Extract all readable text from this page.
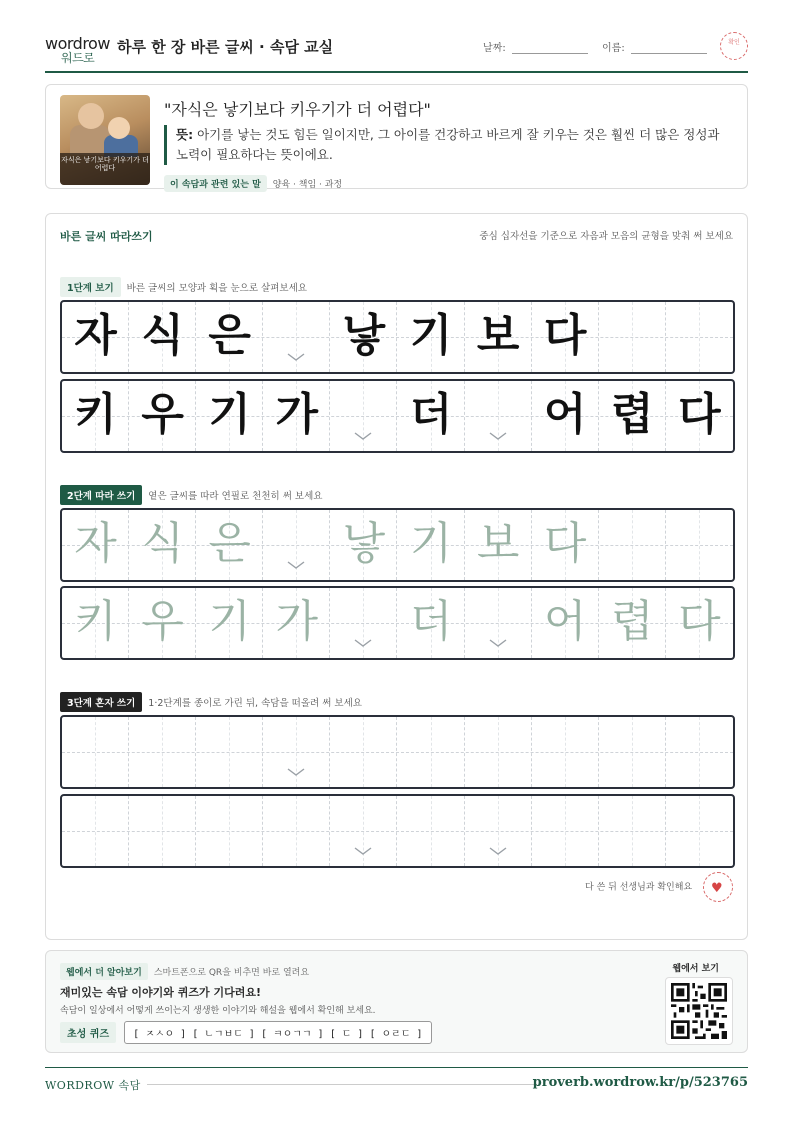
wordrow
워드로
하루 한 장 바른 글씨 · 속담 교실	날짜:	이름:
확인
자식은 낳기보다 키우기가 더 어렵다
"자식은 낳기보다 키우기가 더 어렵다"
뜻: 아기를 낳는 것도 힘든 일이지만, 그 아이를 건강하고 바르게 잘 키우는 것은 훨씬 더 많은 정성과 노력이 필요하다는 뜻이에요.
이 속담과 관련 있는 말 양육 · 책임 · 과정
바른 글씨 따라쓰기	중심 십자선을 기준으로 자음과 모음의 균형을 맞춰 써 보세요
1단계 보기 바른 글씨의 모양과 획을 눈으로 살펴보세요
자 식 은 낳 기 보 다
키 우 기 가 더 어 렵 다
2단계 따라 쓰기 옅은 글씨를 따라 연필로 천천히 써 보세요
자 식 은 낳 기 보 다
키 우 기 가 더 어 렵 다
3단계 혼자 쓰기 1·2단계를 종이로 가린 뒤, 속담을 떠올려 써 보세요
다 쓴 뒤 선생님과 확인해요 ♥
웹에서 더 알아보기 스마트폰으로 QR을 비추면 바로 열려요
재미있는 속담 이야기와 퀴즈가 기다려요!
속담이 일상에서 어떻게 쓰이는지 생생한 이야기와 해설을 웹에서 확인해 보세요.
초성 퀴즈 [ ㅈㅅㅇ ] [ ㄴㄱㅂㄷ ] [ ㅋㅇㄱㄱ ] [ ㄷ ] [ ㅇㄹㄷ ]
웹에서 보기
WORDROW 속담	proverb.wordrow.kr/p/523765
